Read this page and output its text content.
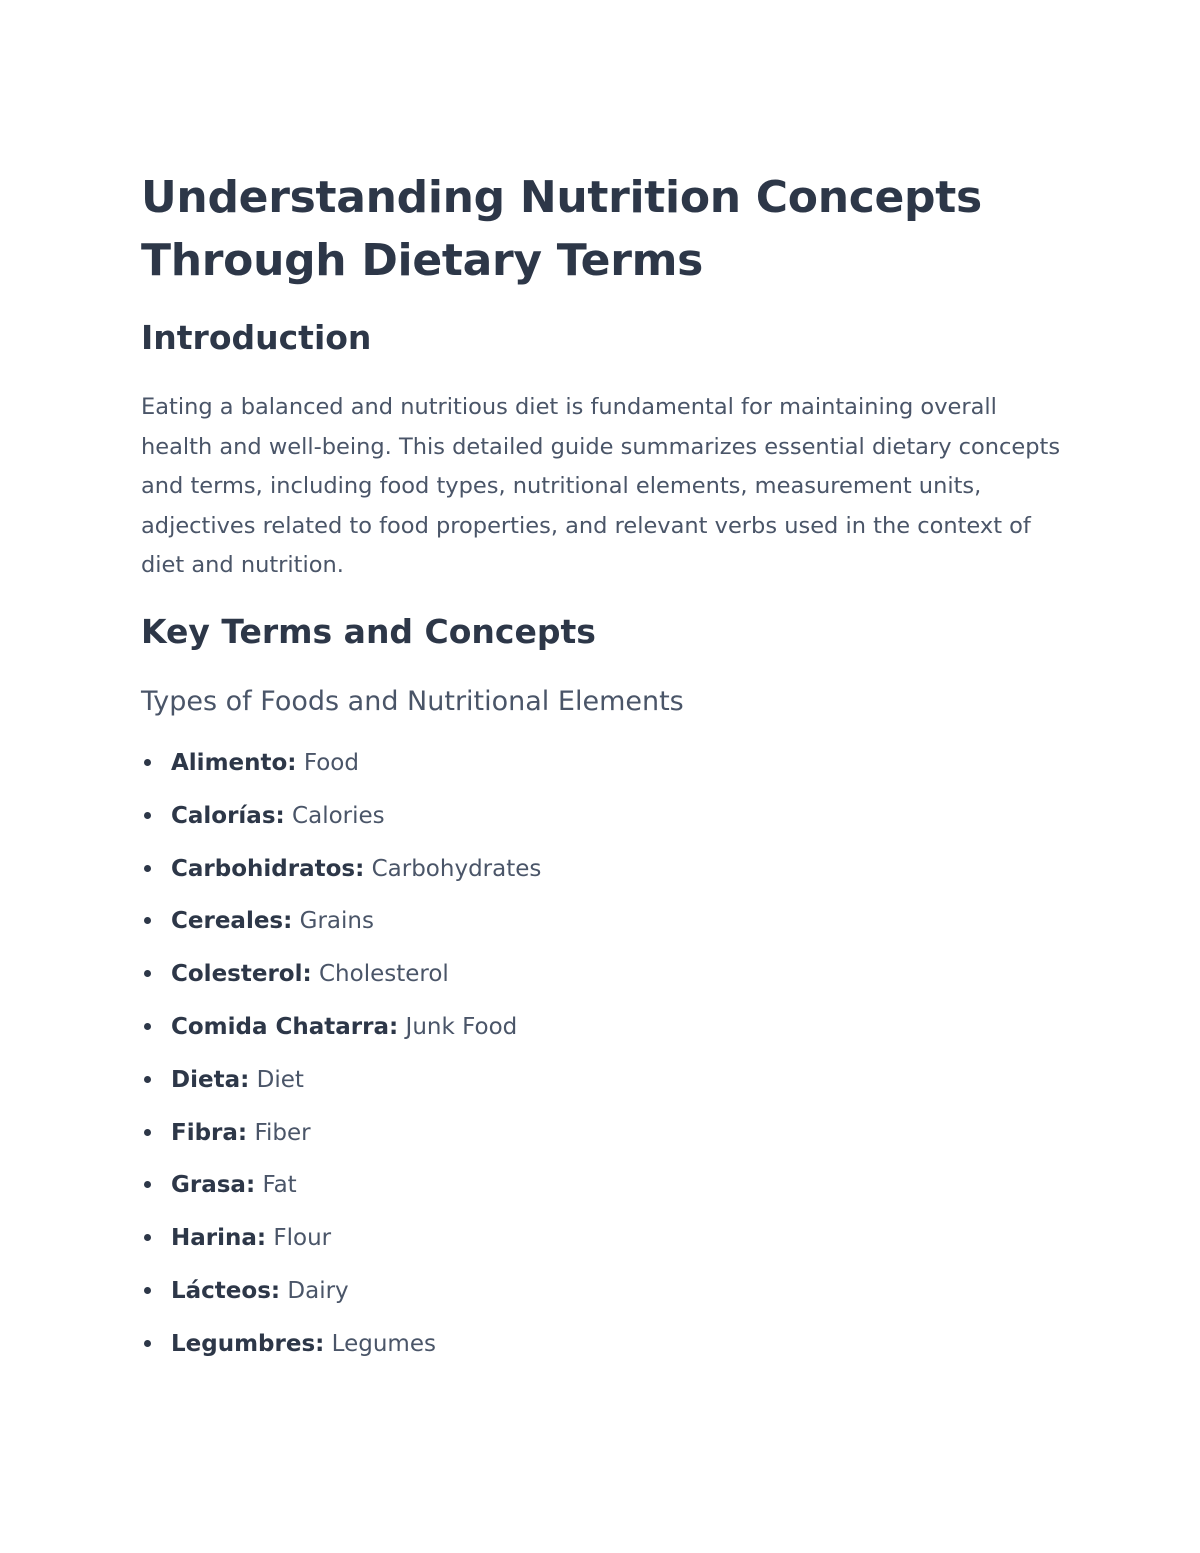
Understanding Nutrition Concepts Through Dietary Terms
Introduction

Eating a balanced and nutritious diet is fundamental for maintaining overall health and well-being. This detailed guide summarizes essential dietary concepts and terms, including food types, nutritional elements, measurement units, adjectives related to food properties, and relevant verbs used in the context of diet and nutrition.

Key Terms and Concepts
Types of Foods and Nutritional Elements
Alimento: Food
Calorías: Calories
Carbohidratos: Carbohydrates
Cereales: Grains
Colesterol: Cholesterol
Comida Chatarra: Junk Food
Dieta: Diet
Fibra: Fiber
Grasa: Fat
Harina: Flour
Lácteos: Dairy
Legumbres: Legumes
